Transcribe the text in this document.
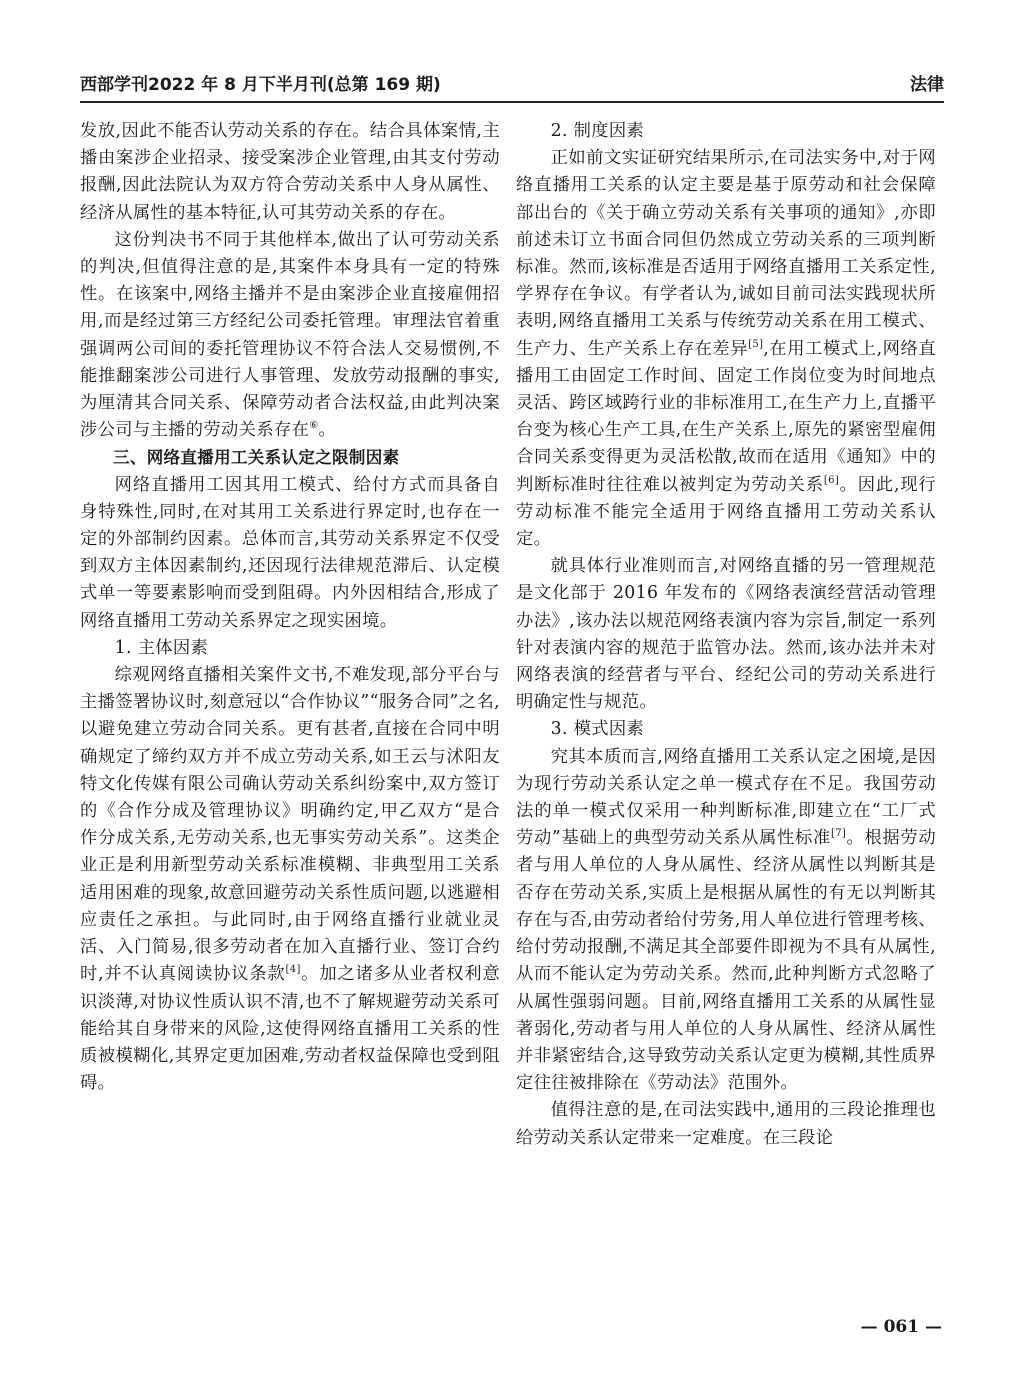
西部学刊2022 年 8 月下半月刊(总第 169 期)	法律

发放,因此不能否认劳动关系的存在。结合具体案情,主播由案涉企业招录、接受案涉企业管理,由其支付劳动报酬,因此法院认为双方符合劳动关系中人身从属性、经济从属性的基本特征,认可其劳动关系的存在。

这份判决书不同于其他样本,做出了认可劳动关系的判决,但值得注意的是,其案件本身具有一定的特殊性。在该案中,网络主播并不是由案涉企业直接雇佣招用,而是经过第三方经纪公司委托管理。审理法官着重强调两公司间的委托管理协议不符合法人交易惯例,不能推翻案涉公司进行人事管理、发放劳动报酬的事实,为厘清其合同关系、保障劳动者合法权益,由此判决案涉公司与主播的劳动关系存在⑥。

三、网络直播用工关系认定之限制因素

网络直播用工因其用工模式、给付方式而具备自身特殊性,同时,在对其用工关系进行界定时,也存在一定的外部制约因素。总体而言,其劳动关系界定不仅受到双方主体因素制约,还因现行法律规范滞后、认定模式单一等要素影响而受到阻碍。内外因相结合,形成了网络直播用工劳动关系界定之现实困境。

1. 主体因素

综观网络直播相关案件文书,不难发现,部分平台与主播签署协议时,刻意冠以“合作协议”“服务合同”之名,以避免建立劳动合同关系。更有甚者,直接在合同中明确规定了缔约双方并不成立劳动关系,如王云与沭阳友特文化传媒有限公司确认劳动关系纠纷案中,双方签订的《合作分成及管理协议》明确约定,甲乙双方“是合作分成关系,无劳动关系,也无事实劳动关系”。这类企业正是利用新型劳动关系标准模糊、非典型用工关系适用困难的现象,故意回避劳动关系性质问题,以逃避相应责任之承担。与此同时,由于网络直播行业就业灵活、入门简易,很多劳动者在加入直播行业、签订合约时,并不认真阅读协议条款[4]。加之诸多从业者权利意识淡薄,对协议性质认识不清,也不了解规避劳动关系可能给其自身带来的风险,这使得网络直播用工关系的性质被模糊化,其界定更加困难,劳动者权益保障也受到阻碍。

2. 制度因素

正如前文实证研究结果所示,在司法实务中,对于网络直播用工关系的认定主要是基于原劳动和社会保障部出台的《关于确立劳动关系有关事项的通知》,亦即前述未订立书面合同但仍然成立劳动关系的三项判断标准。然而,该标准是否适用于网络直播用工关系定性,学界存在争议。有学者认为,诚如目前司法实践现状所表明,网络直播用工关系与传统劳动关系在用工模式、生产力、生产关系上存在差异[5],在用工模式上,网络直播用工由固定工作时间、固定工作岗位变为时间地点灵活、跨区域跨行业的非标准用工,在生产力上,直播平台变为核心生产工具,在生产关系上,原先的紧密型雇佣合同关系变得更为灵活松散,故而在适用《通知》中的判断标准时往往难以被判定为劳动关系[6]。因此,现行劳动标准不能完全适用于网络直播用工劳动关系认定。

就具体行业准则而言,对网络直播的另一管理规范是文化部于 2016 年发布的《网络表演经营活动管理办法》,该办法以规范网络表演内容为宗旨,制定一系列针对表演内容的规范于监管办法。然而,该办法并未对网络表演的经营者与平台、经纪公司的劳动关系进行明确定性与规范。

3. 模式因素

究其本质而言,网络直播用工关系认定之困境,是因为现行劳动关系认定之单一模式存在不足。我国劳动法的单一模式仅采用一种判断标准,即建立在“工厂式劳动”基础上的典型劳动关系从属性标准[7]。根据劳动者与用人单位的人身从属性、经济从属性以判断其是否存在劳动关系,实质上是根据从属性的有无以判断其存在与否,由劳动者给付劳务,用人单位进行管理考核、给付劳动报酬,不满足其全部要件即视为不具有从属性,从而不能认定为劳动关系。然而,此种判断方式忽略了从属性强弱问题。目前,网络直播用工关系的从属性显著弱化,劳动者与用人单位的人身从属性、经济从属性并非紧密结合,这导致劳动关系认定更为模糊,其性质界定往往被排除在《劳动法》范围外。

值得注意的是,在司法实践中,通用的三段论推理也给劳动关系认定带来一定难度。在三段论

— 061 —
